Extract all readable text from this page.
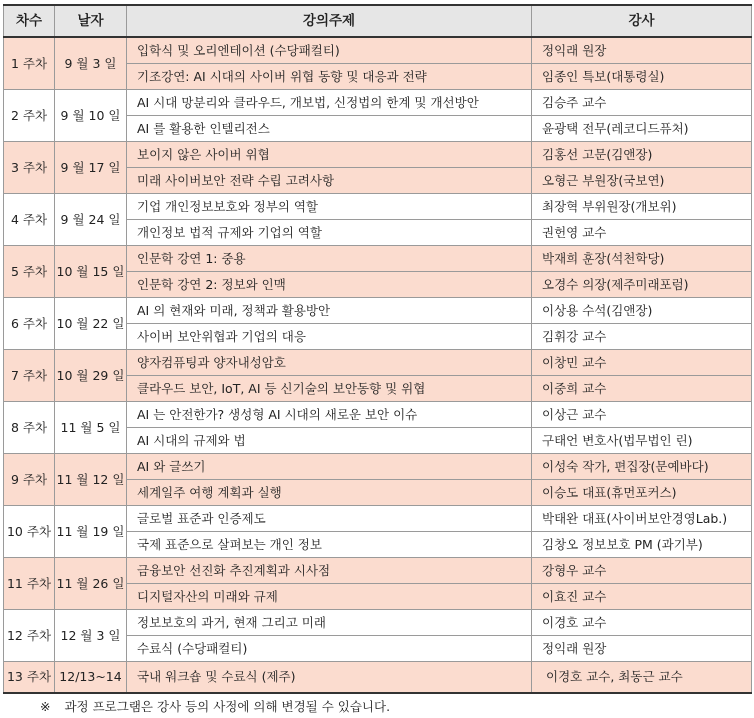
차수	날자	강의주제	강사
1 주차	9 월 3 일	입학식 및 오리엔테이션 (수당패컬티)	정익래 원장
		기조강연: AI 시대의 사이버 위협 동향 및 대응과 전략	임종인 특보(대통령실)
2 주차	9 월 10 일	AI 시대 망분리와 클라우드, 개보법, 신정법의 한계 및 개선방안	김승주 교수
		AI 를 활용한 인텔리전스	윤광택 전무(레코디드퓨처)
3 주차	9 월 17 일	보이지 않은 사이버 위협	김홍선 고문(김앤장)
		미래 사이버보안 전략 수립 고려사항	오형근 부원장(국보연)
4 주차	9 월 24 일	기업 개인정보보호와 정부의 역할	최장혁 부위원장(개보위)
		개인정보 법적 규제와 기업의 역할	권헌영 교수
5 주차	10 월 15 일	인문학 강연 1: 중용	박재희 훈장(석천학당)
		인문학 강연 2: 정보와 인맥	오경수 의장(제주미래포럼)
6 주차	10 월 22 일	AI 의 현재와 미래, 정책과 활용방안	이상용 수석(김앤장)
		사이버 보안위협과 기업의 대응	김휘강 교수
7 주차	10 월 29 일	양자컴퓨팅과 양자내성암호	이창민 교수
		클라우드 보안, IoT, AI 등 신기술의 보안동향 및 위협	이중희 교수
8 주차	11 월 5 일	AI 는 안전한가? 생성형 AI 시대의 새로운 보안 이슈	이상근 교수
		AI 시대의 규제와 법	구태언 변호사(법무법인 린)
9 주차	11 월 12 일	AI 와 글쓰기	이성숙 작가, 편집장(문예바다)
		세계일주 여행 계획과 실행	이승도 대표(휴먼포커스)
10 주차	11 월 19 일	글로벌 표준과 인증제도	박태완 대표(사이버보안경영Lab.)
		국제 표준으로 살펴보는 개인 정보	김창오 정보보호 PM (과기부)
11 주차	11 월 26 일	금융보안 선진화 추진계획과 시사점	강형우 교수
		디지털자산의 미래와 규제	이효진 교수
12 주차	12 월 3 일	정보보호의 과거, 현재 그리고 미래	이경호 교수
		수료식 (수당패컬티)	정익래 원장
13 주차	12/13~14	국내 워크숍 및 수료식 (제주)	이경호 교수, 최동근 교수
※ 과정 프로그램은 강사 등의 사정에 의해 변경될 수 있습니다.
